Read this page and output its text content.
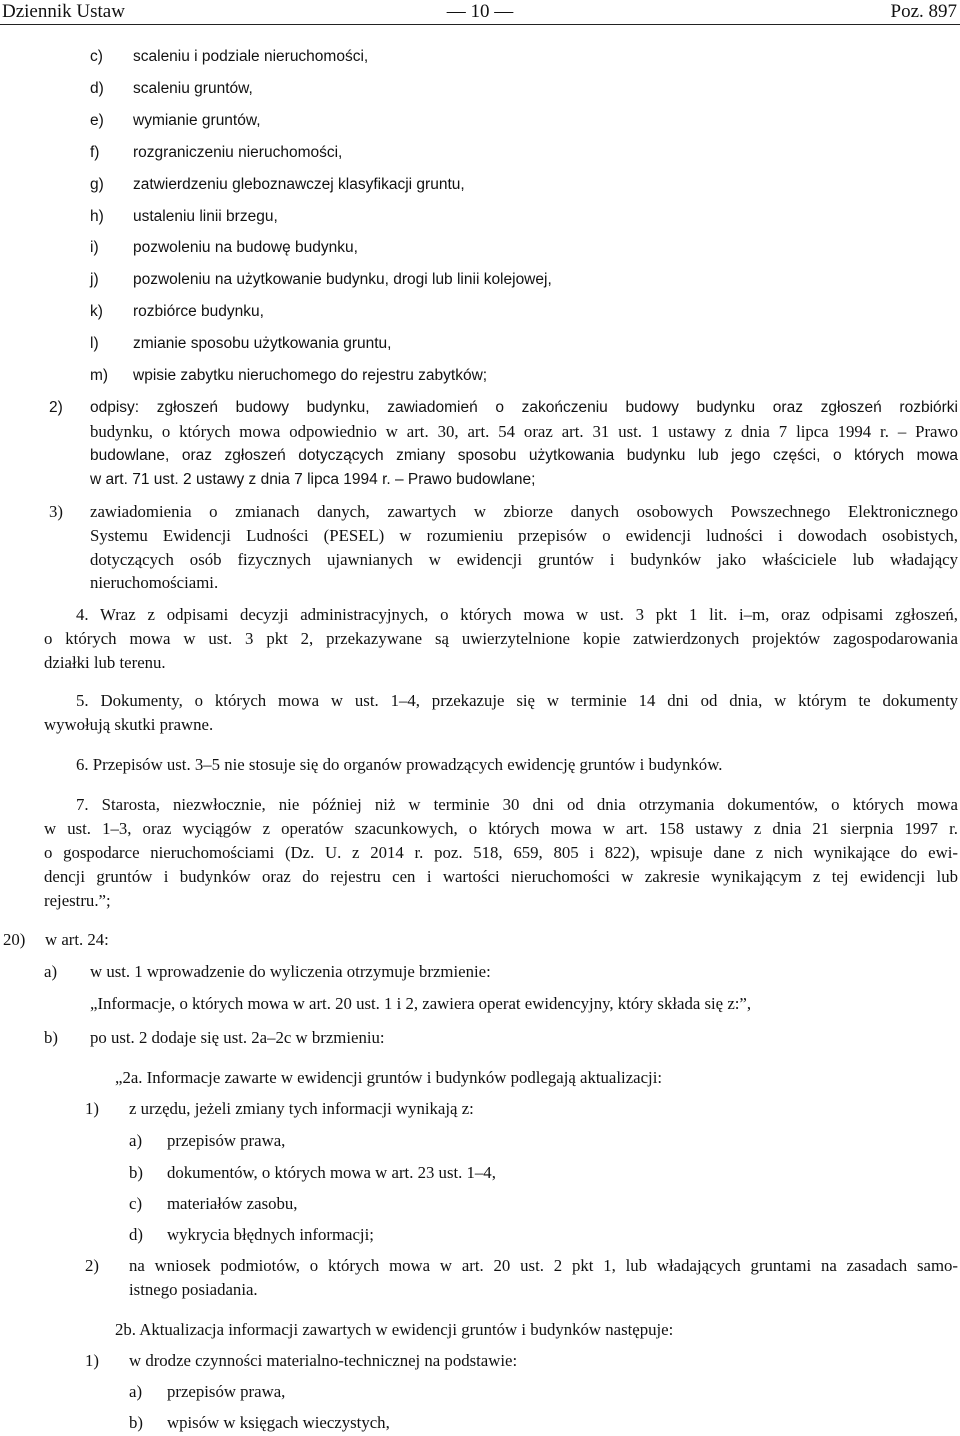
Dziennik Ustaw	— 10 —	Poz. 897
c) scaleniu i podziale nieruchomości,
d) scaleniu gruntów,
e) wymianie gruntów,
f) rozgraniczeniu nieruchomości,
g) zatwierdzeniu gleboznawczej klasyfikacji gruntu,
h) ustaleniu linii brzegu,
i) pozwoleniu na budowę budynku,
j) pozwoleniu na użytkowanie budynku, drogi lub linii kolejowej,
k) rozbiórce budynku,
l) zmianie sposobu użytkowania gruntu,
m) wpisie zabytku nieruchomego do rejestru zabytków;
2) odpisy: zgłoszeń budowy budynku, zawiadomień o zakończeniu budowy budynku oraz zgłoszeń rozbiórki
budynku, o których mowa odpowiednio w art. 30, art. 54 oraz art. 31 ust. 1 ustawy z dnia 7 lipca 1994 r. – Prawo
budowlane, oraz zgłoszeń dotyczących zmiany sposobu użytkowania budynku lub jego części, o których mowa
w art. 71 ust. 2 ustawy z dnia 7 lipca 1994 r. – Prawo budowlane;
3) zawiadomienia o zmianach danych, zawartych w zbiorze danych osobowych Powszechnego Elektronicznego
Systemu Ewidencji Ludności (PESEL) w rozumieniu przepisów o ewidencji ludności i dowodach osobistych,
dotyczących osób fizycznych ujawnianych w ewidencji gruntów i budynków jako właściciele lub władający
nieruchomościami.
4. Wraz z odpisami decyzji administracyjnych, o których mowa w ust. 3 pkt 1 lit. i–m, oraz odpisami zgłoszeń,
o których mowa w ust. 3 pkt 2, przekazywane są uwierzytelnione kopie zatwierdzonych projektów zagospodarowania
działki lub terenu.
5. Dokumenty, o których mowa w ust. 1–4, przekazuje się w terminie 14 dni od dnia, w którym te dokumenty
wywołują skutki prawne.
6. Przepisów ust. 3–5 nie stosuje się do organów prowadzących ewidencję gruntów i budynków.
7. Starosta, niezwłocznie, nie później niż w terminie 30 dni od dnia otrzymania dokumentów, o których mowa
w ust. 1–3, oraz wyciągów z operatów szacunkowych, o których mowa w art. 158 ustawy z dnia 21 sierpnia 1997 r.
o gospodarce nieruchomościami (Dz. U. z 2014 r. poz. 518, 659, 805 i 822), wpisuje dane z nich wynikające do ewi-
dencji gruntów i budynków oraz do rejestru cen i wartości nieruchomości w zakresie wynikającym z tej ewidencji lub
rejestru.”;
20) w art. 24:
a) w ust. 1 wprowadzenie do wyliczenia otrzymuje brzmienie:
„Informacje, o których mowa w art. 20 ust. 1 i 2, zawiera operat ewidencyjny, który składa się z:”,
b) po ust. 2 dodaje się ust. 2a–2c w brzmieniu:
„2a. Informacje zawarte w ewidencji gruntów i budynków podlegają aktualizacji:
1) z urzędu, jeżeli zmiany tych informacji wynikają z:
a) przepisów prawa,
b) dokumentów, o których mowa w art. 23 ust. 1–4,
c) materiałów zasobu,
d) wykrycia błędnych informacji;
2) na wniosek podmiotów, o których mowa w art. 20 ust. 2 pkt 1, lub władających gruntami na zasadach samo-
istnego posiadania.
2b. Aktualizacja informacji zawartych w ewidencji gruntów i budynków następuje:
1) w drodze czynności materialno-technicznej na podstawie:
a) przepisów prawa,
b) wpisów w księgach wieczystych,
